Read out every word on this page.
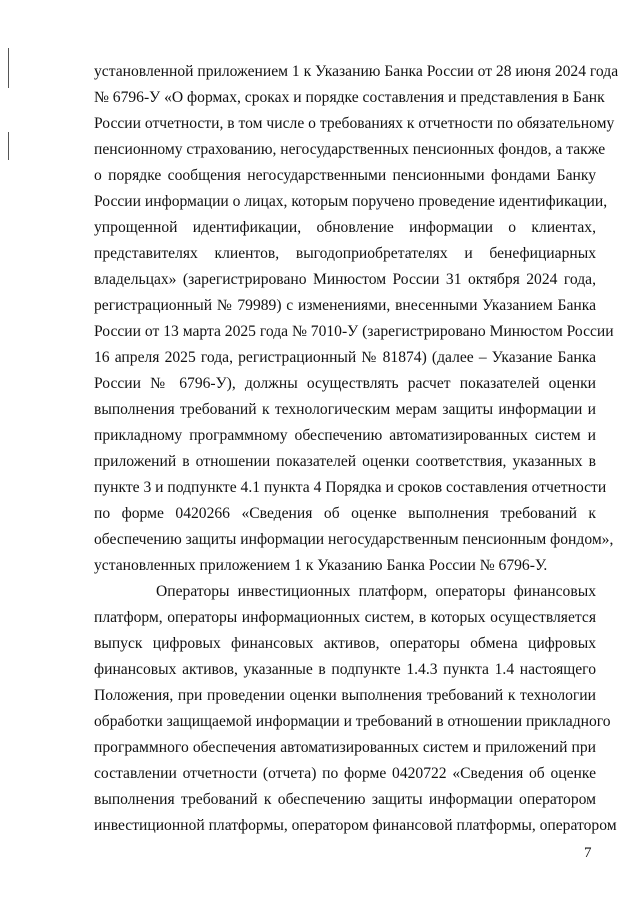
установленной приложением 1 к Указанию Банка России от 28 июня 2024 года
№ 6796-У «О формах, сроках и порядке составления и представления в Банк
России отчетности, в том числе о требованиях к отчетности по обязательному
пенсионному страхованию, негосударственных пенсионных фондов, а также
о порядке сообщения негосударственными пенсионными фондами Банку
России информации о лицах, которым поручено проведение идентификации,
упрощенной идентификации, обновление информации о клиентах,
представителях клиентов, выгодоприобретателях и бенефициарных
владельцах» (зарегистрировано Минюстом России 31 октября 2024 года,
регистрационный № 79989) с изменениями, внесенными Указанием Банка
России от 13 марта 2025 года № 7010-У (зарегистрировано Минюстом России
16 апреля 2025 года, регистрационный № 81874) (далее – Указание Банка
России № 6796-У), должны осуществлять расчет показателей оценки
выполнения требований к технологическим мерам защиты информации и
прикладному программному обеспечению автоматизированных систем и
приложений в отношении показателей оценки соответствия, указанных в
пункте 3 и подпункте 4.1 пункта 4 Порядка и сроков составления отчетности
по форме 0420266 «Сведения об оценке выполнения требований к
обеспечению защиты информации негосударственным пенсионным фондом»,
установленных приложением 1 к Указанию Банка России № 6796-У.
Операторы инвестиционных платформ, операторы финансовых
платформ, операторы информационных систем, в которых осуществляется
выпуск цифровых финансовых активов, операторы обмена цифровых
финансовых активов, указанные в подпункте 1.4.3 пункта 1.4 настоящего
Положения, при проведении оценки выполнения требований к технологии
обработки защищаемой информации и требований в отношении прикладного
программного обеспечения автоматизированных систем и приложений при
составлении отчетности (отчета) по форме 0420722 «Сведения об оценке
выполнения требований к обеспечению защиты информации оператором
инвестиционной платформы, оператором финансовой платформы, оператором
7
